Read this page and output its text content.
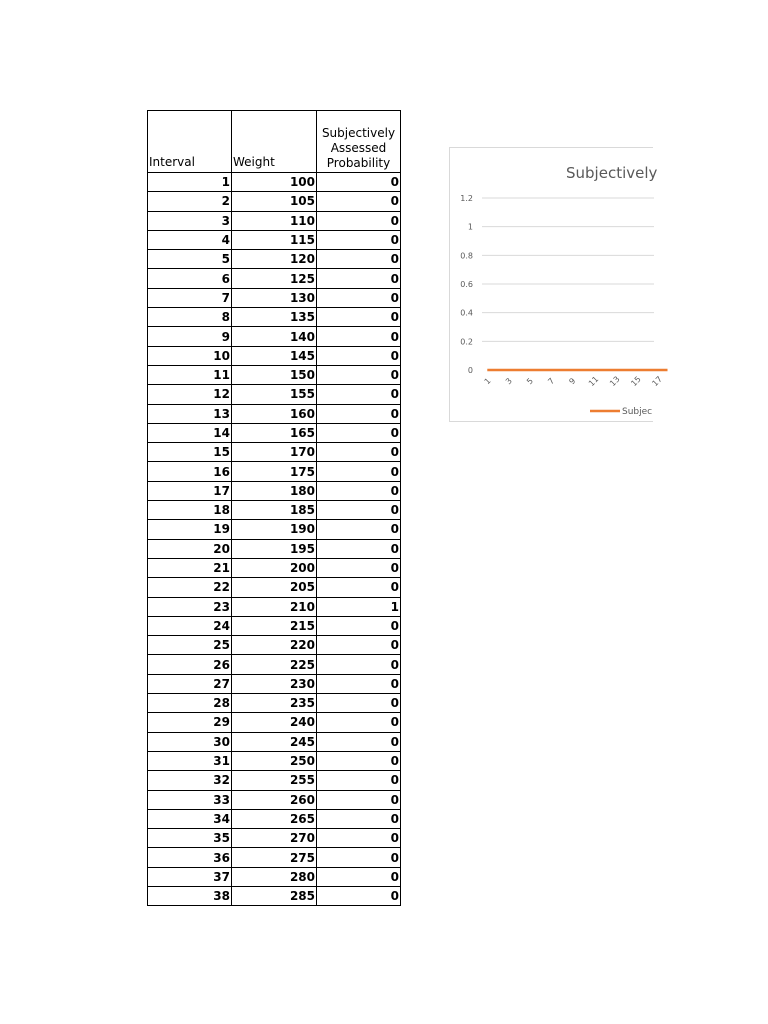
Interval	Weight	Subjectively
Assessed
Probability

1	100	0
2	105	0
3	110	0
4	115	0
5	120	0
6	125	0
7	130	0
8	135	0
9	140	0
10	145	0
11	150	0
12	155	0
13	160	0
14	165	0
15	170	0
16	175	0
17	180	0
18	185	0
19	190	0
20	195	0
21	200	0
22	205	0
23	210	1
24	215	0
25	220	0
26	225	0
27	230	0
28	235	0
29	240	0
30	245	0
31	250	0
32	255	0
33	260	0
34	265	0
35	270	0
36	275	0
37	280	0
38	285	0
Subjectively
0
0.2
0.4
0.6
0.8
1
1.2
1 3 5 7 9 11 13 15 17
Subjec
